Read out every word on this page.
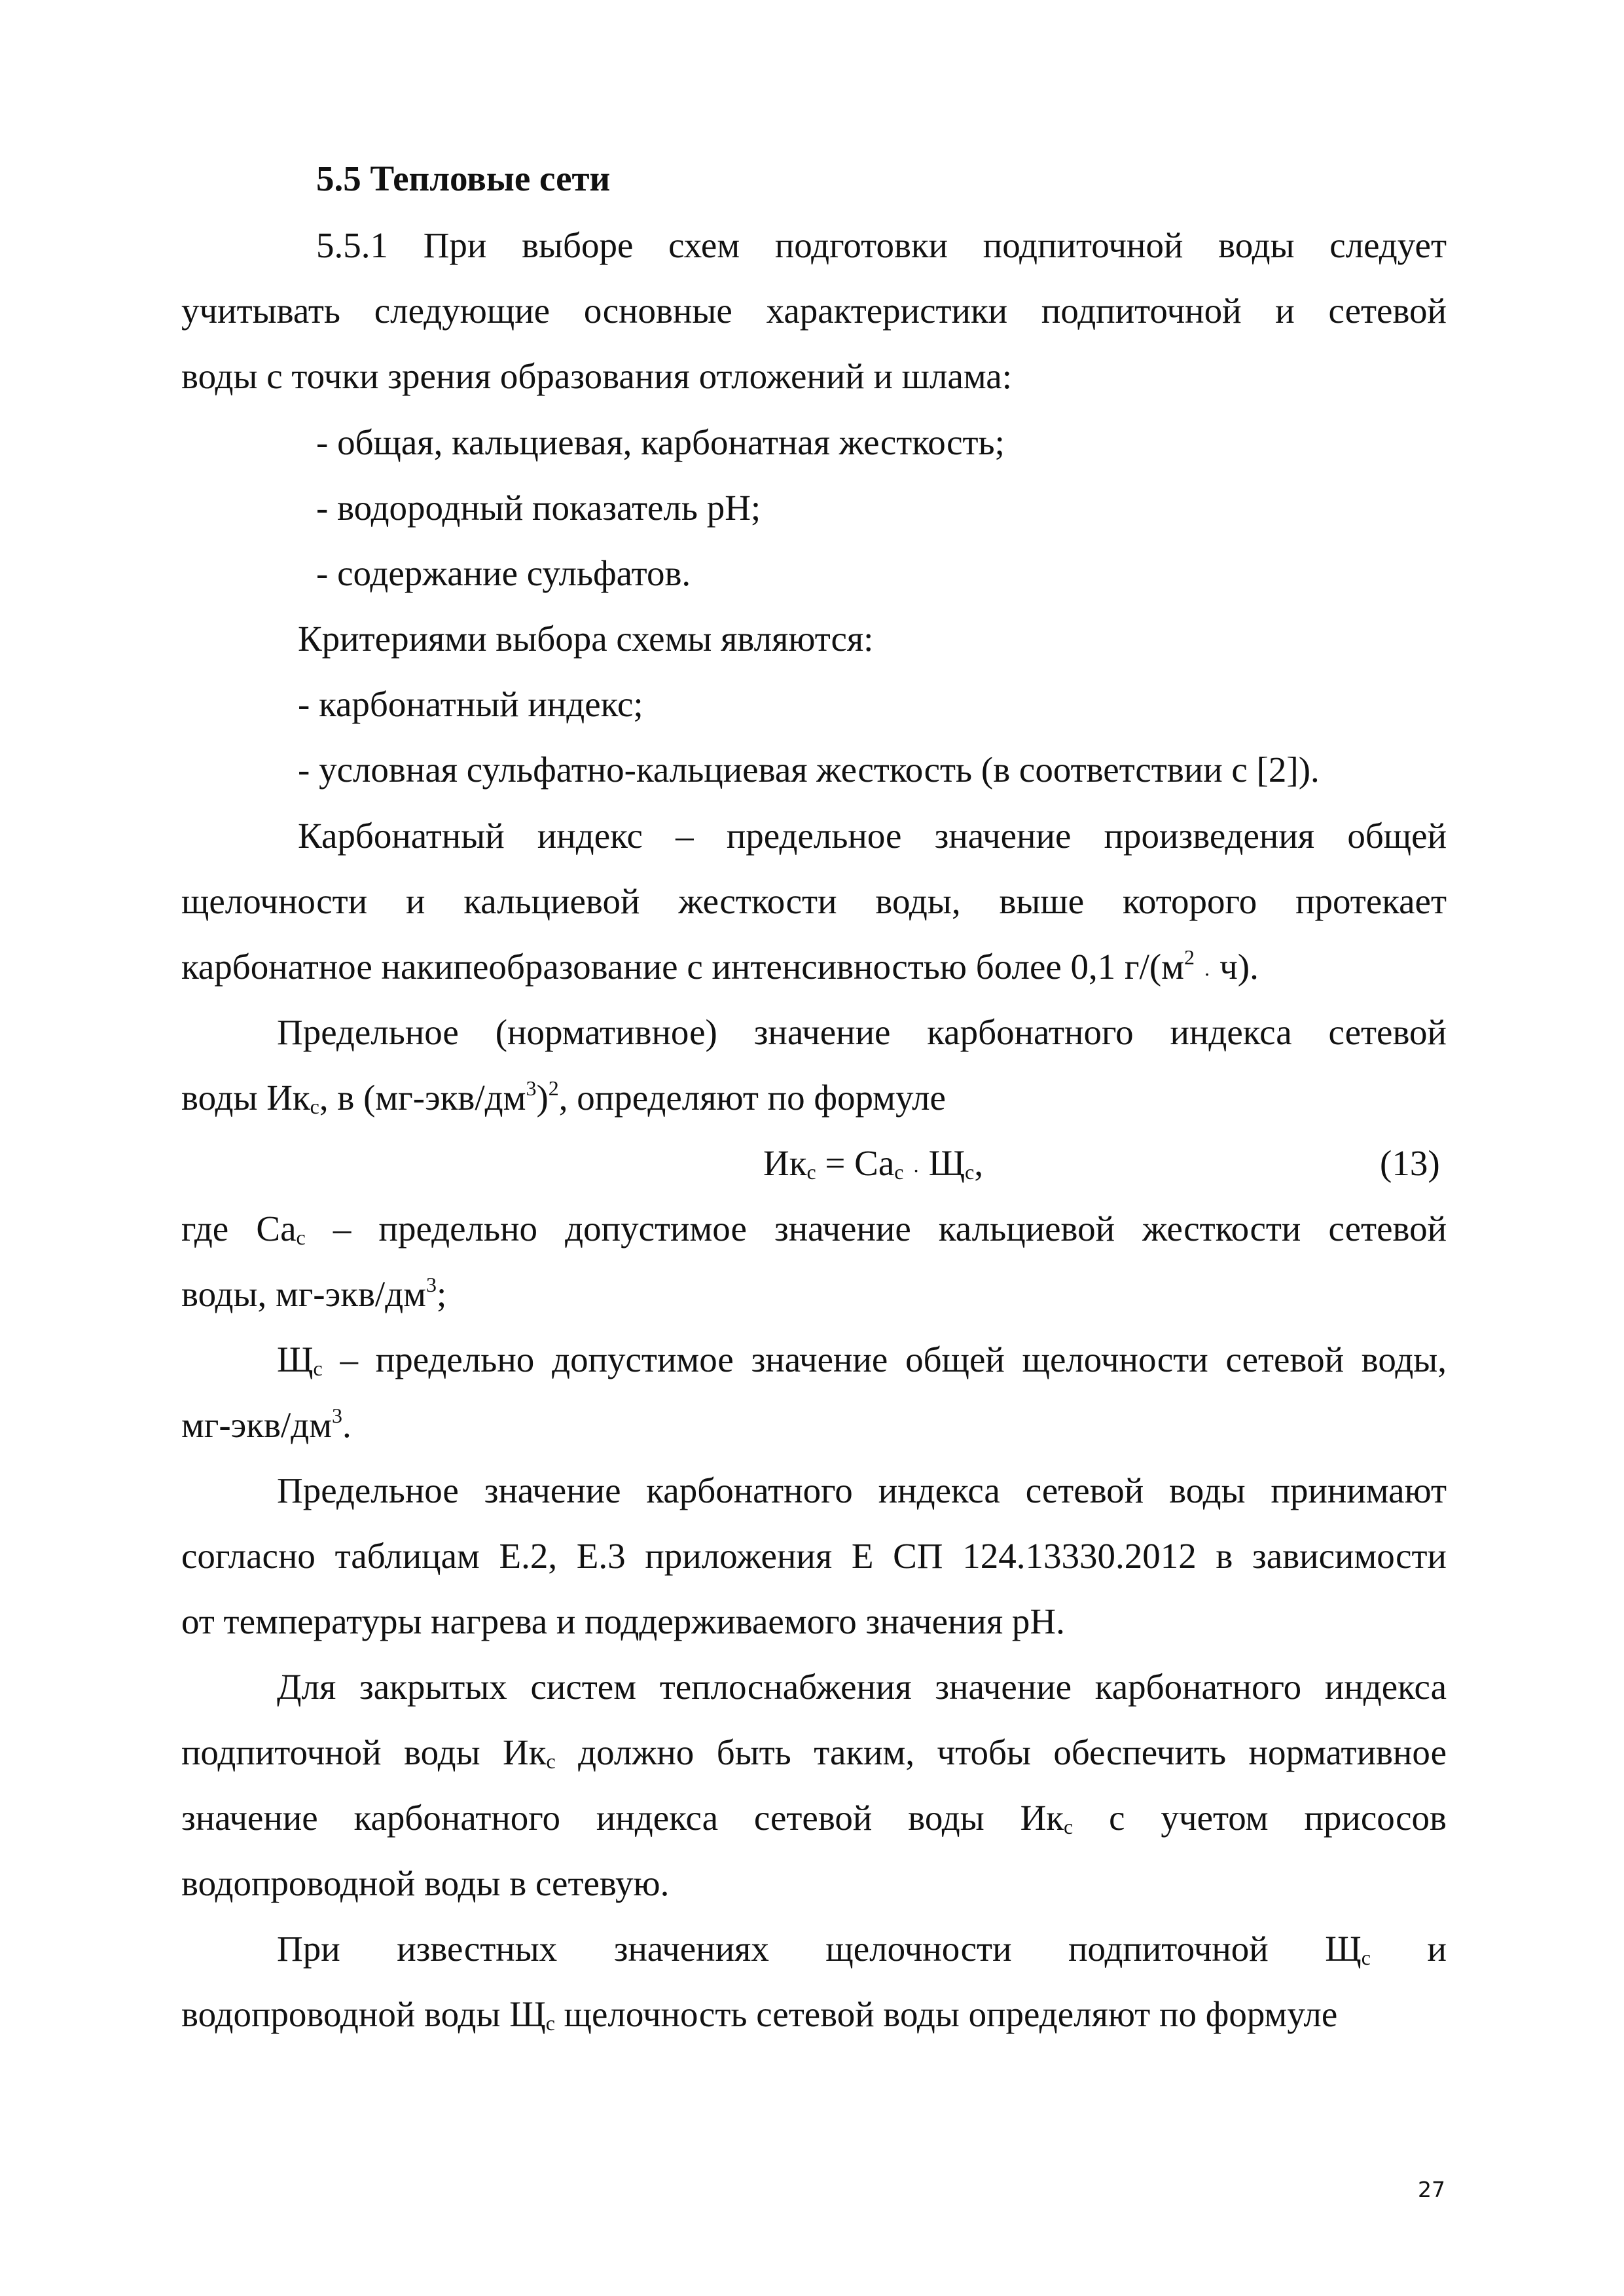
5.5 Тепловые сети
5.5.1 При выборе схем подготовки подпиточной воды следует
учитывать следующие основные характеристики подпиточной и сетевой
воды с точки зрения образования отложений и шлама:
- общая, кальциевая, карбонатная жесткость;
- водородный показатель pH;
- содержание сульфатов.
Критериями выбора схемы являются:
- карбонатный индекс;
- условная сульфатно-кальциевая жесткость (в соответствии с [2]).
Карбонатный индекс – предельное значение произведения общей
щелочности и кальциевой жесткости воды, выше которого протекает
карбонатное накипеобразование с интенсивностью более 0,1 $г/(м^2 \cdot ч)$.
Предельное (нормативное) значение карбонатного индекса сетевой
воды $Ик_c$, в $(мг-экв/дм^3)^2$, определяют по формуле
$Ик_c = Са_c \cdot Щ_c$,	(13)
где $Са_с$ – предельно допустимое значение кальциевой жесткости сетевой
воды, $мг-экв/дм^3$;
$Щ_с$ – предельно допустимое значение общей щелочности сетевой воды,
$мг-экв/дм^3$.
Предельное значение карбонатного индекса сетевой воды принимают
согласно таблицам Е.2, Е.3 приложения Е СП 124.13330.2012 в зависимости
от температуры нагрева и поддерживаемого значения pH.
Для закрытых систем теплоснабжения значение карбонатного индекса
подпиточной воды $Ик_с$ должно быть таким, чтобы обеспечить нормативное
значение карбонатного индекса сетевой воды $Ик_с$ с учетом присосов
водопроводной воды в сетевую.
При известных значениях щелочности подпиточной $Щ_с$ и
водопроводной воды $Щ_с$ щелочность сетевой воды определяют по формуле
27
